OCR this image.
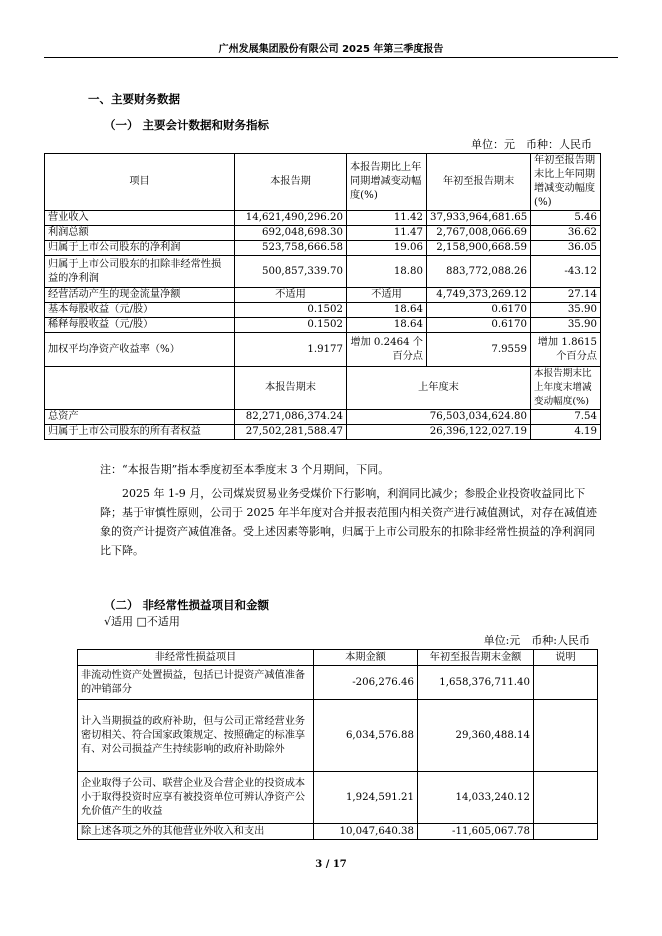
广州发展集团股份有限公司 2025 年第三季度报告
一、主要财务数据
（一） 主要会计数据和财务指标
单位：元　币种：人民币
项目	本报告期	本报告期比上年同期增减变动幅度(%)	年初至报告期末	年初至报告期末比上年同期增减变动幅度(%)
营业收入	14,621,490,296.20	11.42	37,933,964,681.65	5.46
利润总额	692,048,698.30	11.47	2,767,008,066.69	36.62
归属于上市公司股东的净利润	523,758,666.58	19.06	2,158,900,668.59	36.05
归属于上市公司股东的扣除非经常性损益的净利润	500,857,339.70	18.80	883,772,088.26	-43.12
经营活动产生的现金流量净额	不适用	不适用	4,749,373,269.12	27.14
基本每股收益（元/股）	0.1502	18.64	0.6170	35.90
稀释每股收益（元/股）	0.1502	18.64	0.6170	35.90
加权平均净资产收益率（%）	1.9177	增加 0.2464 个百分点	7.9559	增加 1.8615 个百分点
	本报告期末	上年度末		本报告期末比上年度末增减变动幅度(%)
总资产	82,271,086,374.24	76,503,034,624.80		7.54
归属于上市公司股东的所有者权益	27,502,281,588.47	26,396,122,027.19		4.19
注：“本报告期”指本季度初至本季度末 3 个月期间，下同。
2025 年 1-9 月，公司煤炭贸易业务受煤价下行影响，利润同比减少；参股企业投资收益同比下降；基于审慎性原则，公司于 2025 年半年度对合并报表范围内相关资产进行减值测试，对存在减值迹象的资产计提资产减值准备。受上述因素等影响，归属于上市公司股东的扣除非经常性损益的净利润同比下降。
（二） 非经常性损益项目和金额
√适用 □不适用
单位:元　币种:人民币
非经常性损益项目	本期金额	年初至报告期末金额	说明
非流动性资产处置损益，包括已计提资产减值准备的冲销部分	-206,276.46	1,658,376,711.40	
计入当期损益的政府补助，但与公司正常经营业务密切相关、符合国家政策规定、按照确定的标准享有、对公司损益产生持续影响的政府补助除外	6,034,576.88	29,360,488.14	
企业取得子公司、联营企业及合营企业的投资成本小于取得投资时应享有被投资单位可辨认净资产公允价值产生的收益	1,924,591.21	14,033,240.12	
除上述各项之外的其他营业外收入和支出	10,047,640.38	-11,605,067.78	
3 / 17
